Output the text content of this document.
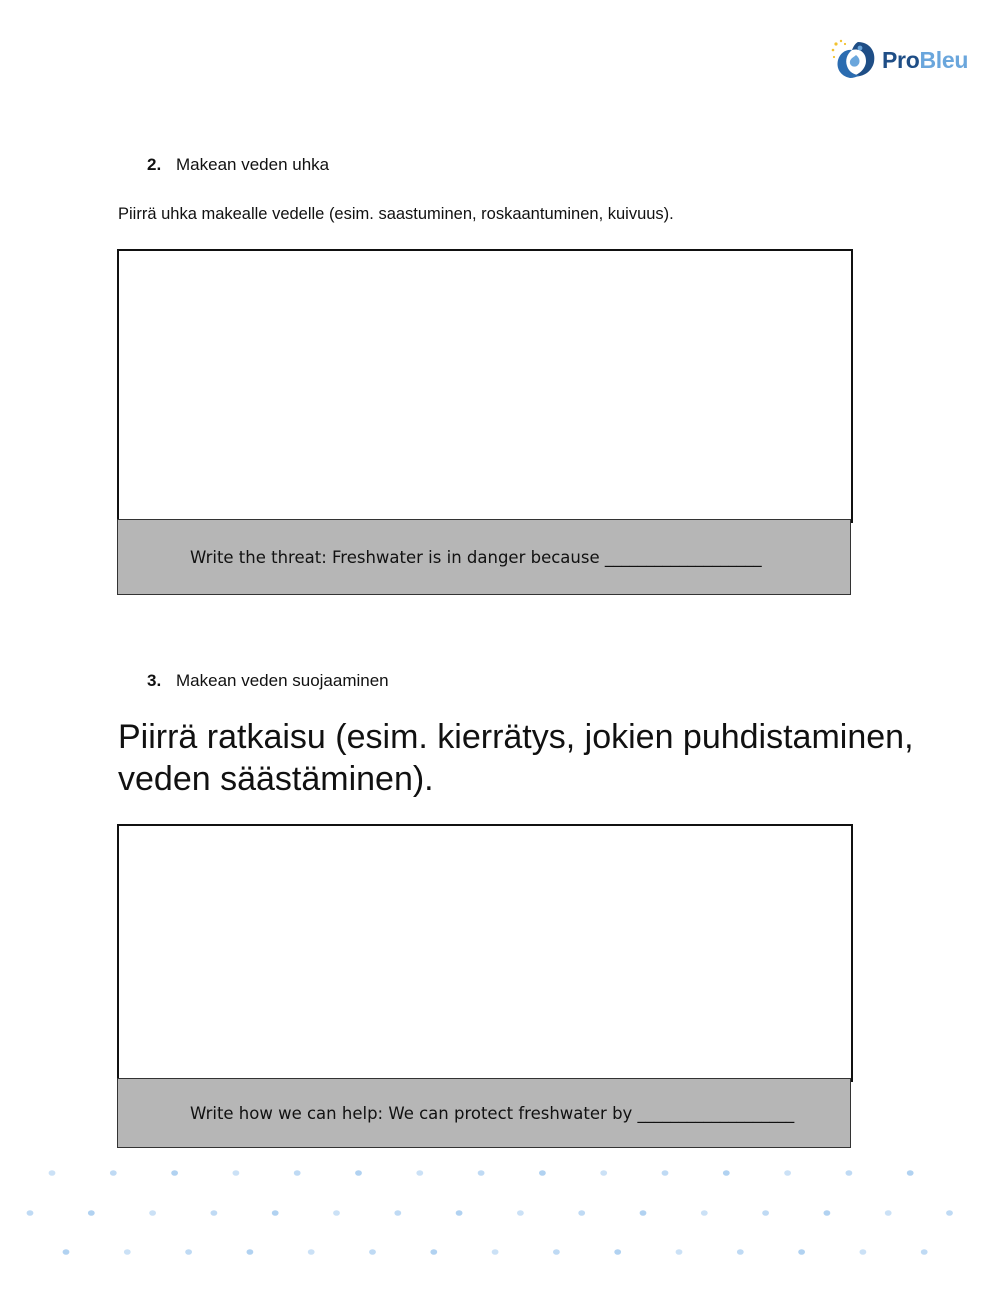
ProBleu
2. Makean veden uhka
Piirrä uhka makealle vedelle (esim. saastuminen, roskaantuminen, kuivuus).
Write the threat: Freshwater is in danger because ___________________
3. Makean veden suojaaminen
Piirrä ratkaisu (esim. kierrätys, jokien puhdistaminen, veden säästäminen).
Write how we can help: We can protect freshwater by ___________________
